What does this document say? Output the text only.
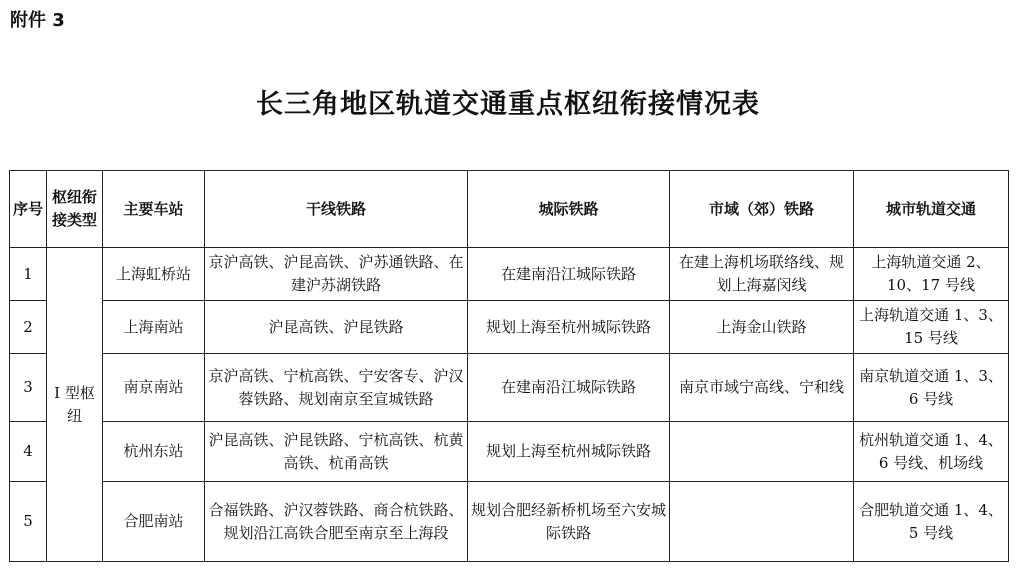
附件 3
长三角地区轨道交通重点枢纽衔接情况表
序号	枢纽衔接类型	主要车站	干线铁路	城际铁路	市域（郊）铁路	城市轨道交通
1	I 型枢纽	上海虹桥站	京沪高铁、沪昆高铁、沪苏通铁路、在建沪苏湖铁路	在建南沿江城际铁路	在建上海机场联络线、规划上海嘉闵线	上海轨道交通 2、10、17 号线
2		上海南站	沪昆高铁、沪昆铁路	规划上海至杭州城际铁路	上海金山铁路	上海轨道交通 1、3、15 号线
3		南京南站	京沪高铁、宁杭高铁、宁安客专、沪汉蓉铁路、规划南京至宣城铁路	在建南沿江城际铁路	南京市域宁高线、宁和线	南京轨道交通 1、3、6 号线
4		杭州东站	沪昆高铁、沪昆铁路、宁杭高铁、杭黄高铁、杭甬高铁	规划上海至杭州城际铁路		杭州轨道交通 1、4、6 号线、机场线
5		合肥南站	合福铁路、沪汉蓉铁路、商合杭铁路、规划沿江高铁合肥至南京至上海段	规划合肥经新桥机场至六安城际铁路		合肥轨道交通 1、4、5 号线
